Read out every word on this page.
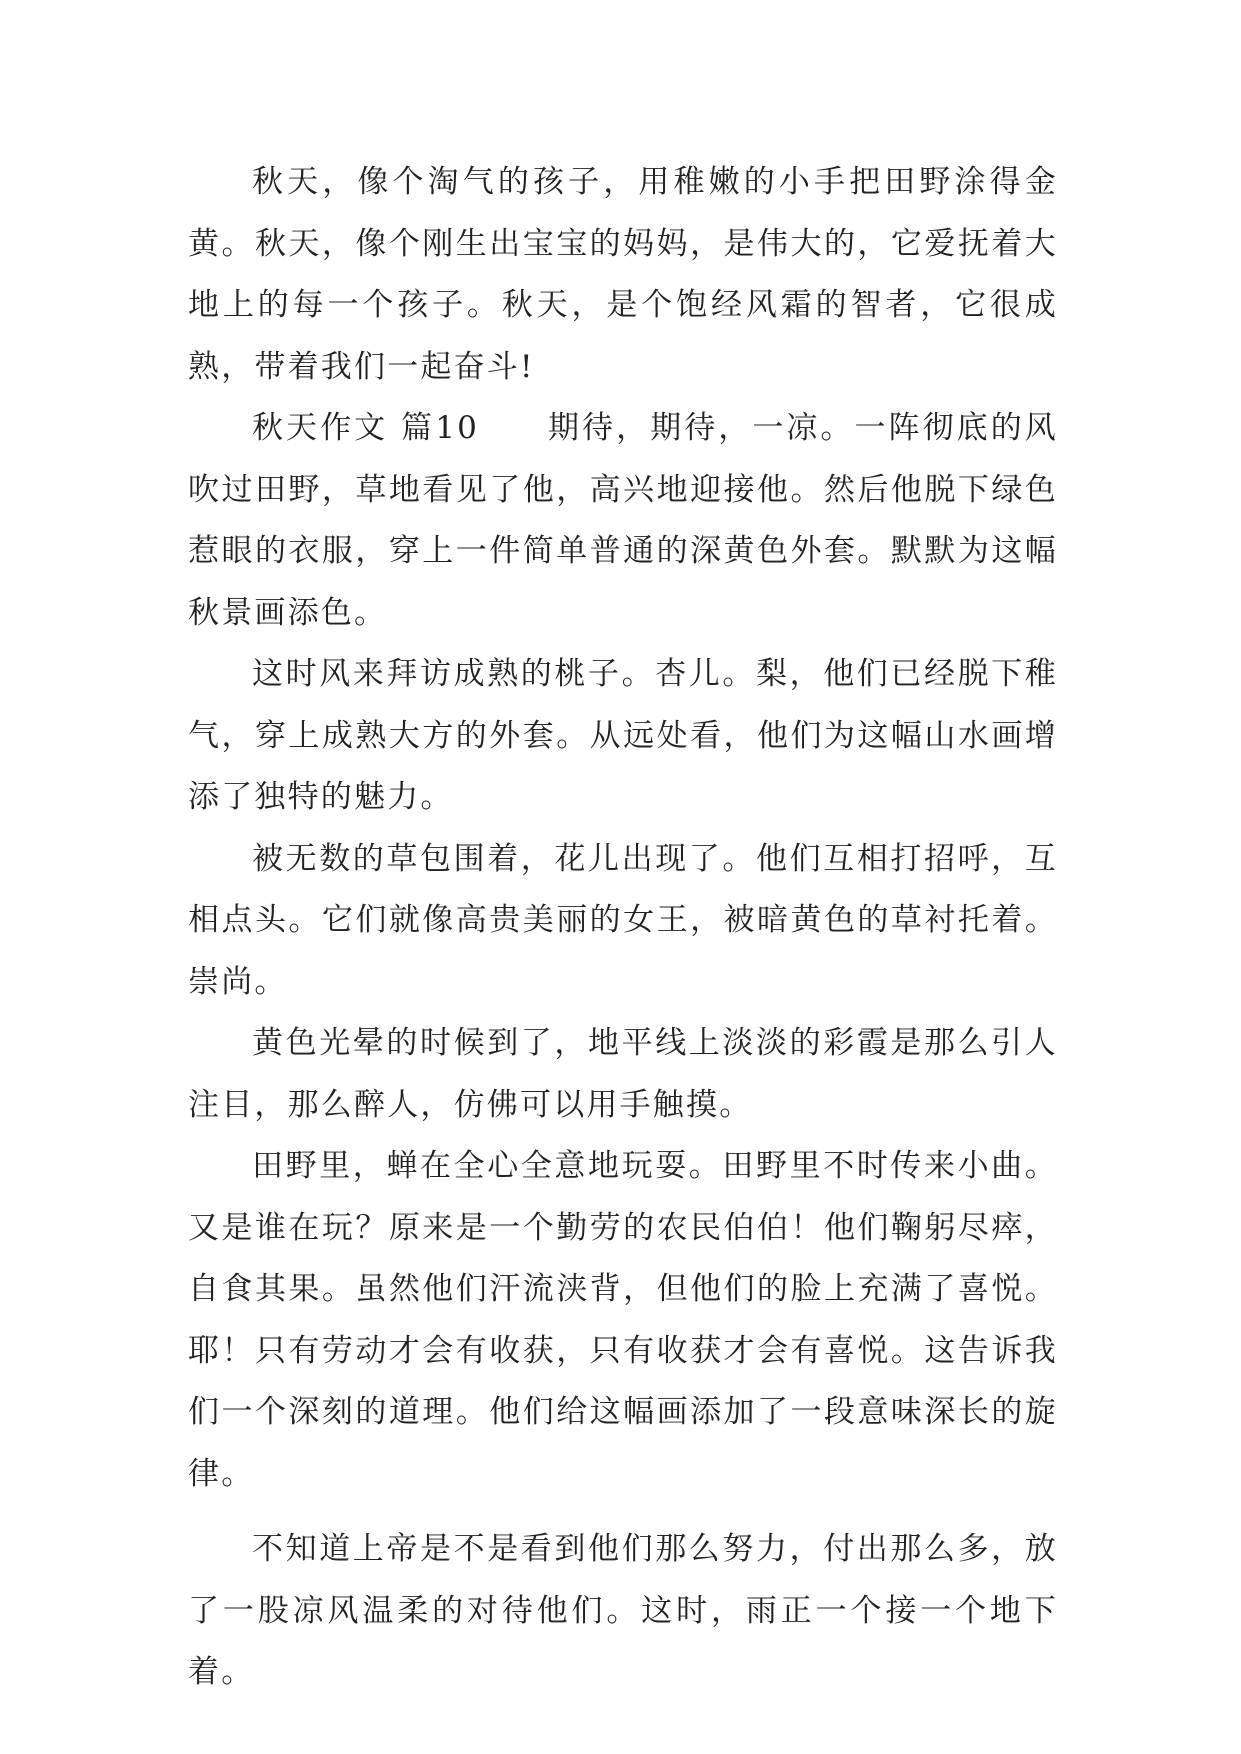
秋天，像个淘气的孩子，用稚嫩的小手把田野涂得金黄。秋天，像个刚生出宝宝的妈妈，是伟大的，它爱抚着大地上的每一个孩子。秋天，是个饱经风霜的智者，它很成熟，带着我们一起奋斗!

秋天作文 篇10　　期待，期待，一凉。一阵彻底的风吹过田野，草地看见了他，高兴地迎接他。然后他脱下绿色惹眼的衣服，穿上一件简单普通的深黄色外套。默默为这幅秋景画添色。

这时风来拜访成熟的桃子。杏儿。梨，他们已经脱下稚气，穿上成熟大方的外套。从远处看，他们为这幅山水画增添了独特的魅力。

被无数的草包围着，花儿出现了。他们互相打招呼，互相点头。它们就像高贵美丽的女王，被暗黄色的草衬托着。崇尚。

黄色光晕的时候到了，地平线上淡淡的彩霞是那么引人注目，那么醉人，仿佛可以用手触摸。

田野里，蝉在全心全意地玩耍。田野里不时传来小曲。又是谁在玩？原来是一个勤劳的农民伯伯！他们鞠躬尽瘁，自食其果。虽然他们汗流浃背，但他们的脸上充满了喜悦。耶！只有劳动才会有收获，只有收获才会有喜悦。这告诉我们一个深刻的道理。他们给这幅画添加了一段意味深长的旋律。

不知道上帝是不是看到他们那么努力，付出那么多，放了一股凉风温柔的对待他们。这时，雨正一个接一个地下着。
